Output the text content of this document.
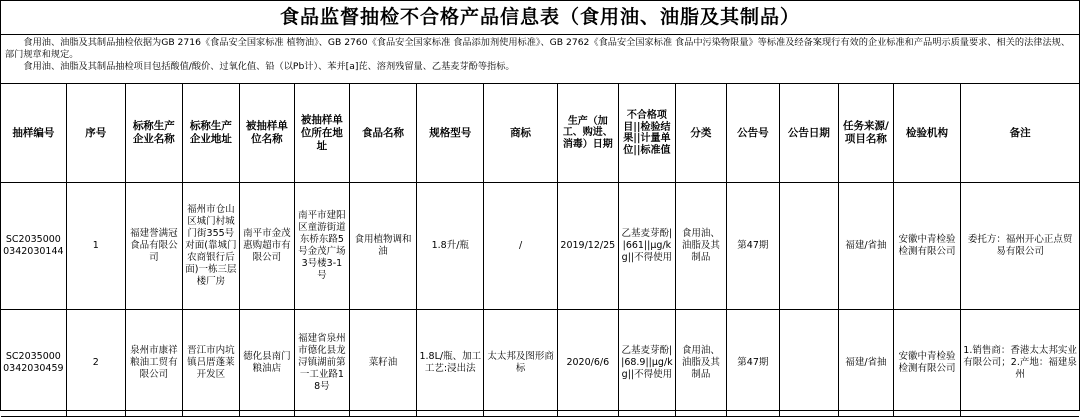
食品监督抽检不合格产品信息表（食用油、油脂及其制品）

食用油、油脂及其制品抽检依据为GB 2716《食品安全国家标准 植物油》、GB 2760《食品安全国家标准 食品添加剂使用标准》、GB 2762《食品安全国家标准 食品中污染物限量》等标准及经备案现行有效的企业标准和产品明示质量要求、相关的法律法规、部门规章和规定。

食用油、油脂及其制品抽检项目包括酸值/酸价、过氧化值、铅（以Pb计）、苯并[a]芘、溶剂残留量、乙基麦芽酚等指标。

抽样编号	序号	标称生产企业名称	标称生产企业地址	被抽样单位名称	被抽样单位所在地址	食品名称	规格型号	商标	生产（加工、购进、消毒）日期	不合格项目||检验结果||计量单位||标准值	分类	公告号	公告日期	任务来源/项目名称	检验机构	备注
SC20350000342030144	1	福建誉满冠食品有限公司	福州市仓山区城门村城门街355号对面(靠城门农商银行后面)一栋三层楼厂房	南平市金茂惠购超市有限公司	南平市建阳区童游街道东桥东路5号金茂广场3号楼3-1号	食用植物调和油	1.8升/瓶	/	2019/12/25	乙基麦芽酚||661||μg/kg||不得使用	食用油、油脂及其制品	第47期		福建/省抽	安徽中青检验检测有限公司	委托方：福州开心正点贸易有限公司
SC20350000342030459	2	泉州市康祥粮油工贸有限公司	晋江市内坑镇吕厝蓬莱开发区	德化县南门粮油店	福建省泉州市德化县龙浔镇湖前第一工业路18号	菜籽油	1.8L/瓶、加工工艺:浸出法	太太邦及图形商标	2020/6/6	乙基麦芽酚||68.9||μg/kg||不得使用	食用油、油脂及其制品	第47期		福建/省抽	安徽中青检验检测有限公司	1.销售商：香港太太邦实业有限公司；2.产地：福建泉州
